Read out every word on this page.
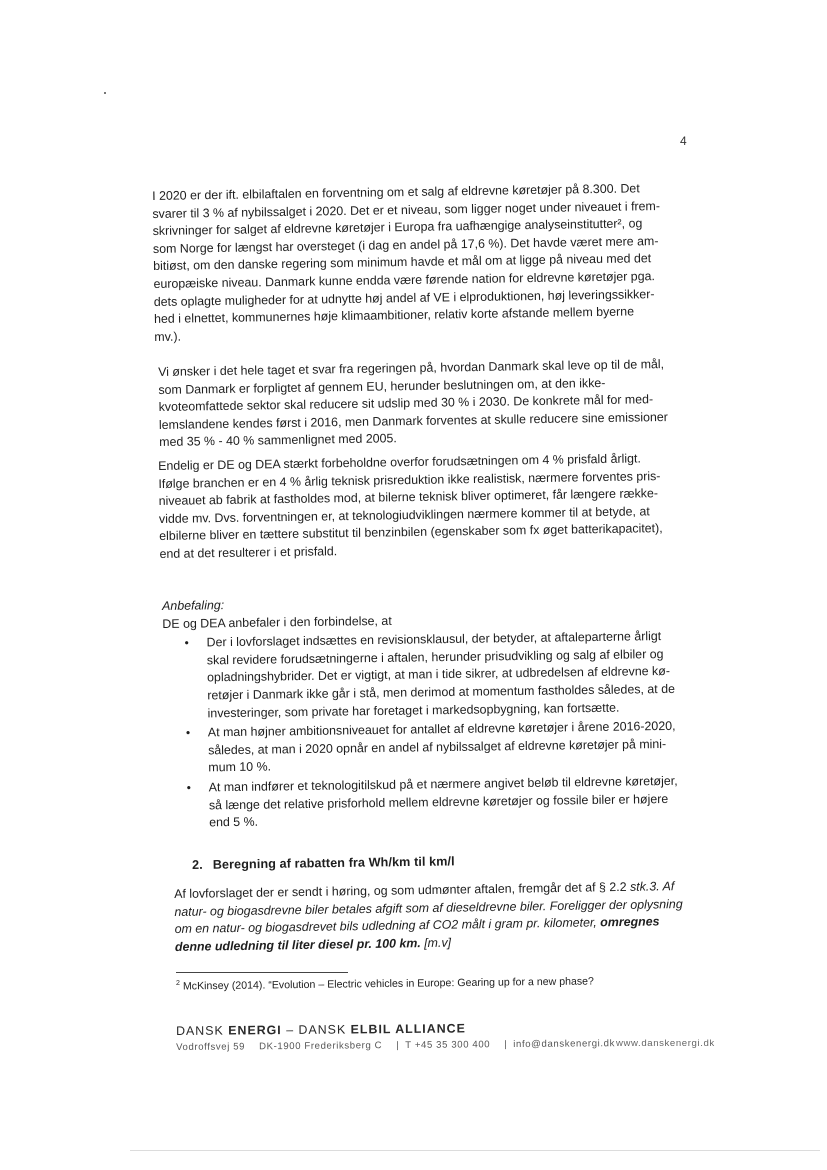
4

I 2020 er der ift. elbilaftalen en forventning om et salg af eldrevne køretøjer på 8.300. Det
svarer til 3 % af nybilssalget i 2020. Det er et niveau, som ligger noget under niveauet i frem-
skrivninger for salget af eldrevne køretøjer i Europa fra uafhængige analyseinstitutter², og
som Norge for længst har oversteget (i dag en andel på 17,6 %). Det havde været mere am-
bitiøst, om den danske regering som minimum havde et mål om at ligge på niveau med det
europæiske niveau. Danmark kunne endda være førende nation for eldrevne køretøjer pga.
dets oplagte muligheder for at udnytte høj andel af VE i elproduktionen, høj leveringssikker-
hed i elnettet, kommunernes høje klimaambitioner, relativ korte afstande mellem byerne
mv.).

Vi ønsker i det hele taget et svar fra regeringen på, hvordan Danmark skal leve op til de mål,
som Danmark er forpligtet af gennem EU, herunder beslutningen om, at den ikke-
kvoteomfattede sektor skal reducere sit udslip med 30 % i 2030. De konkrete mål for med-
lemslandene kendes først i 2016, men Danmark forventes at skulle reducere sine emissioner
med 35 % - 40 % sammenlignet med 2005.

Endelig er DE og DEA stærkt forbeholdne overfor forudsætningen om 4 % prisfald årligt.
Ifølge branchen er en 4 % årlig teknisk prisreduktion ikke realistisk, nærmere forventes pris-
niveauet ab fabrik at fastholdes mod, at bilerne teknisk bliver optimeret, får længere række-
vidde mv. Dvs. forventningen er, at teknologiudviklingen nærmere kommer til at betyde, at
elbilerne bliver en tættere substitut til benzinbilen (egenskaber som fx øget batterikapacitet),
end at det resulterer i et prisfald.

Anbefaling:
DE og DEA anbefaler i den forbindelse, at
• Der i lovforslaget indsættes en revisionsklausul, der betyder, at aftaleparterne årligt
skal revidere forudsætningerne i aftalen, herunder prisudvikling og salg af elbiler og
opladningshybrider. Det er vigtigt, at man i tide sikrer, at udbredelsen af eldrevne kø-
retøjer i Danmark ikke går i stå, men derimod at momentum fastholdes således, at de
investeringer, som private har foretaget i markedsopbygning, kan fortsætte.
• At man højner ambitionsniveauet for antallet af eldrevne køretøjer i årene 2016-2020,
således, at man i 2020 opnår en andel af nybilssalget af eldrevne køretøjer på mini-
mum 10 %.
• At man indfører et teknologitilskud på et nærmere angivet beløb til eldrevne køretøjer,
så længe det relative prisforhold mellem eldrevne køretøjer og fossile biler er højere
end 5 %.
2. Beregning af rabatten fra Wh/km til km/l
Af lovforslaget der er sendt i høring, og som udmønter aftalen, fremgår det af § 2.2 stk.3. Af
natur- og biogasdrevne biler betales afgift som af dieseldrevne biler. Foreligger der oplysning
om en natur- og biogasdrevet bils udledning af CO2 målt i gram pr. kilometer, omregnes
denne udledning til liter diesel pr. 100 km. [m.v]
$^2$ McKinsey (2014). “Evolution – Electric vehicles in Europe: Gearing up for a new phase?
DANSK ENERGI – DANSK ELBIL ALLIANCE
Vodroffsvej 59 DK-1900 Frederiksberg C | T +45 35 300 400 | info@danskenergi.dk www.danskenergi.dk
